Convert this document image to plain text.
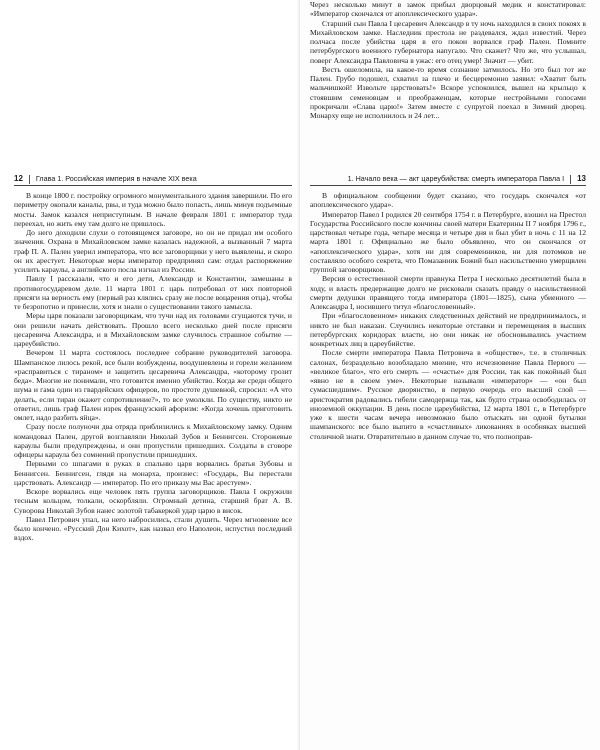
12 Глава 1. Российская империя в начале XIX века

В конце 1800 г. постройку огромного монументального здания завершили. По его периметру окопали каналы, рвы, и туда можно было попасть, лишь минуя подъемные мосты. Замок казался неприступным. В начале февраля 1801 г. император туда переехал, но жить ему там долго не пришлось.

До него доходили слухи о готовящемся заговоре, но он не придал им особого значения. Охрана в Михайловском замке казалась надежной, а вызванный 7 марта граф П. А. Пален уверил императора, что все заговорщики у него выявлены, и скоро он их арестует. Некоторые меры император предпринял сам: отдал распоряжение усилить караулы, а английского посла изгнал из России.

Павлу I рассказали, что и его дети, Александр и Константин, замешаны в противогосударевом деле. 11 марта 1801 г. царь потребовал от них повторной присяги на верность ему (первый раз клялись сразу же после воцарения отца), чтобы те безропотно и принесли, хотя и знали о существовании такого замысла.

Меры царя показали заговорщикам, что тучи над их головами сгущаются тучи, и они решили начать действовать. Прошло всего несколько дней после присяги цесаревича Александра, и в Михайловском замке случилось страшное событие — цареубийство.

Вечером 11 марта состоялось последнее собрание руководителей заговора. Шампанское лилось рекой, все были возбуждены, воодушевлены и горели желанием «расправиться с тираном» и защитить цесаревича Александра, «которому грозит беда». Многие не понимали, что готовится именно убийство. Когда же среди общего шума и гама один из гвардейских офицеров, по простоте душевной, спросил: «А что делать, если тиран окажет сопротивление?», то все умолкли. По существу, никто не ответил, лишь граф Пален изрек французский афоризм: «Когда хочешь приготовить омлет, надо разбить яйца».

Сразу после полуночи два отряда приблизились к Михайловскому замку. Одним командовал Пален, другой возглавляли Николай Зубов и Беннигсен. Сторожевые караулы были предупреждены, и они пропустили пришедших. Солдаты в сговоре офицеры караула без сомнений пропустили пришедших.

Первыми со шпагами в руках в спальню царя ворвались братья Зубовы и Беннигсен. Беннигсен, глядя на монарха, произнес: «Государь, Вы перестали царствовать. Александр — император. По его приказу мы Вас арестуем».

Вскоре ворвались еще человек пять группа заговорщиков. Павла I окружили тесным кольцом, толкали, оскорбляли. Огромный детина, старший брат А. В. Суворова Николай Зубов нанес золотой табакеркой удар царю в висок.

Павел Петрович упал, на него набросились, стали душить. Через мгновение все было кончено. «Русский Дон Кихот», как назвал его Наполеон, испустил последний вздох.

Через несколько минут в замок прибыл дворцовый медик и констатировал: «Император скончался от апоплексического удара».

Старший сын Павла I цесаревич Александр в ту ночь находился в своих покоях в Михайловском замке. Наследник престола не раздевался, ждал известий. Через полчаса после убийства царя в его покои ворвался граф Пален. Помните петербургского военного губернатора напугало. Что скажет? Что же, что услышал, поверг Александра Павловича в ужас: его отец умер! Значит — убит.

Весть ошеломила, на какое-то время сознание затмилось. Но это был тот же Пален. Грубо подошел, схватил за плечо и бесцеремонно заявил: «Хватит быть мальчишкой! Извольте царствовать!» Вскоре успокоился, вышел на крыльцо к стоявшим семеновцам и преображенцам, которые нестройными голосами прокричали «Слава царю!» Затем вместе с супругой поехал в Зимний дворец. Монарху еще не исполнилось и 24 лет...

1. Начало века — акт цареубийства: смерть императора Павла I 13

В официальном сообщении будет сказано, что государь скончался «от апоплексического удара».

Император Павел I родился 20 сентября 1754 г. в Петербурге, взошел на Престол Государства Российского после кончины своей матери Екатерины II 7 ноября 1796 г., царствовал четыре года, четыре месяца и четыре дня и был убит в ночь с 11 на 12 марта 1801 г. Официально же было объявлено, что он скончался от «апоплексического удара», хотя ни для современников, ни для потомков не составляло особого секрета, что Помазанник Божий был насильственно умерщвлен группой заговорщиков.

Версия о естественной смерти правнука Петра I несколько десятилетий была в ходу, и власть предержащие долго не рисковали сказать правду о насильственной смерти дедушки правящего тогда императора (1801—1825), сына убиенного — Александра I, носившего титул «благословенный».

При «благословенном» никаких следственных действий не предпринималось, и никто не был наказан. Случились некоторые отставки и перемещения в высших петербургских коридорах власти, но они никак не обосновывались участием конкретных лиц в цареубийстве.

После смерти императора Павла Петровича в «обществе», т.е. в столичных салонах, безраздельно возобладало мнение, что исчезновение Павла Первого — «великое благо», что его смерть — «счастье» для России, так как покойный был «явно не в своем уме». Некоторые называли «император» — «он был сумасшедшим». Русское дворянство, в первую очередь его высший слой — аристократия радовались гибели самодержца так, как будто страна освободилась от иноземной оккупации. В день после цареубийства, 12 марта 1801 г., в Петербурге уже к шести часам вечера невозможно было отыскать ни одной бутылки шампанского: все было выпито в «счастливых» ликованиях в особняках высшей столичной знати. Отвратительно в данном случае то, что полноправ-
